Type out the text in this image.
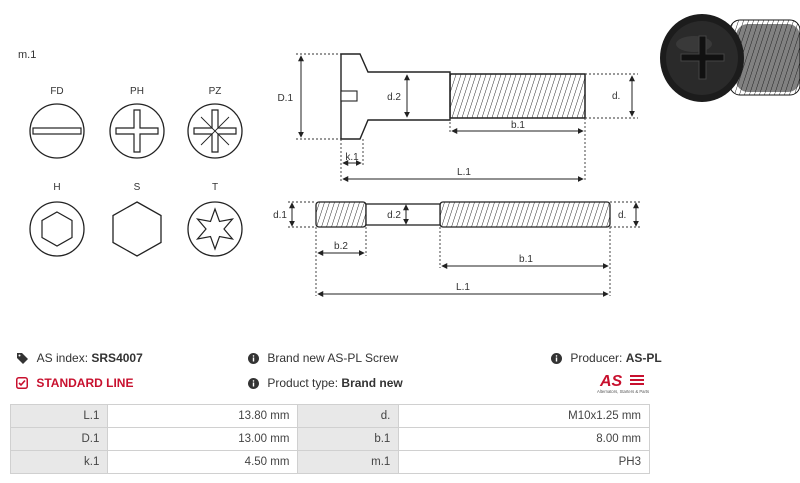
m.1
FD	PH	PZ
H	S	T
D.1	d.2	d.
b.1
k.1
L.1
d.1	d.2	d.
b.2
b.1
L.1
AS index: SRS4007
STANDARD LINE
Brand new AS-PL Screw
Product type: Brand new
Producer: AS-PL
AS
Alternators, Starters & Parts
L.1	13.80 mm	d.	M10x1.25 mm
D.1	13.00 mm	b.1	8.00 mm
k.1	4.50 mm	m.1	PH3
